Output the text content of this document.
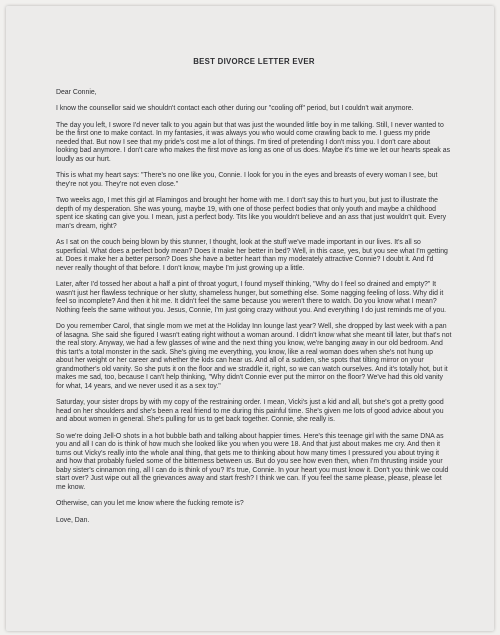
BEST DIVORCE LETTER EVER
Dear Connie,
I know the counsellor said we shouldn't contact each other during our "cooling off" period, but I couldn't wait anymore.
The day you left, I swore I'd never talk to you again but that was just the wounded little boy in me talking. Still, I never wanted to be the first one to make contact. In my fantasies, it was always you who would come crawling back to me. I guess my pride needed that. But now I see that my pride's cost me a lot of things. I'm tired of pretending I don't miss you. I don't care about looking bad anymore. I don't care who makes the first move as long as one of us does. Maybe it's time we let our hearts speak as loudly as our hurt.
This is what my heart says: "There's no one like you, Connie. I look for you in the eyes and breasts of every woman I see, but they're not you. They're not even close."
Two weeks ago, I met this girl at Flamingos and brought her home with me. I don't say this to hurt you, but just to illustrate the depth of my desperation. She was young, maybe 19, with one of those perfect bodies that only youth and maybe a childhood spent ice skating can give you. I mean, just a perfect body. Tits like you wouldn't believe and an ass that just wouldn't quit. Every man's dream, right?
As I sat on the couch being blown by this stunner, I thought, look at the stuff we've made important in our lives. It's all so superficial. What does a perfect body mean? Does it make her better in bed? Well, in this case, yes, but you see what I'm getting at. Does it make her a better person? Does she have a better heart than my moderately attractive Connie? I doubt it. And I'd never really thought of that before. I don't know, maybe I'm just growing up a little.
Later, after I'd tossed her about a half a pint of throat yogurt, I found myself thinking, "Why do I feel so drained and empty?" It wasn't just her flawless technique or her slutty, shameless hunger, but something else. Some nagging feeling of loss. Why did it feel so incomplete? And then it hit me. It didn't feel the same because you weren't there to watch. Do you know what I mean? Nothing feels the same without you. Jesus, Connie, I'm just going crazy without you. And everything I do just reminds me of you.
Do you remember Carol, that single mom we met at the Holiday Inn lounge last year? Well, she dropped by last week with a pan of lasagna. She said she figured I wasn't eating right without a woman around. I didn't know what she meant till later, but that's not the real story. Anyway, we had a few glasses of wine and the next thing you know, we're banging away in our old bedroom. And this tart's a total monster in the sack. She's giving me everything, you know, like a real woman does when she's not hung up about her weight or her career and whether the kids can hear us. And all of a sudden, she spots that tilting mirror on your grandmother's old vanity. So she puts it on the floor and we straddle it, right, so we can watch ourselves. And it's totally hot, but it makes me sad, too, because I can't help thinking, "Why didn't Connie ever put the mirror on the floor? We've had this old vanity for what, 14 years, and we never used it as a sex toy."
Saturday, your sister drops by with my copy of the restraining order. I mean, Vicki's just a kid and all, but she's got a pretty good head on her shoulders and she's been a real friend to me during this painful time. She's given me lots of good advice about you and about women in general. She's pulling for us to get back together. Connie, she really is.
So we're doing Jell-O shots in a hot bubble bath and talking about happier times. Here's this teenage girl with the same DNA as you and all I can do is think of how much she looked like you when you were 18. And that just about makes me cry. And then it turns out Vicky's really into the whole anal thing, that gets me to thinking about how many times I pressured you about trying it and how that probably fueled some of the bitterness between us. But do you see how even then, when I'm thrusting inside your baby sister's cinnamon ring, all I can do is think of you? It's true, Connie. In your heart you must know it. Don't you think we could start over? Just wipe out all the grievances away and start fresh? I think we can. If you feel the same please, please, please let me know.
Otherwise, can you let me know where the fucking remote is?
Love, Dan.
